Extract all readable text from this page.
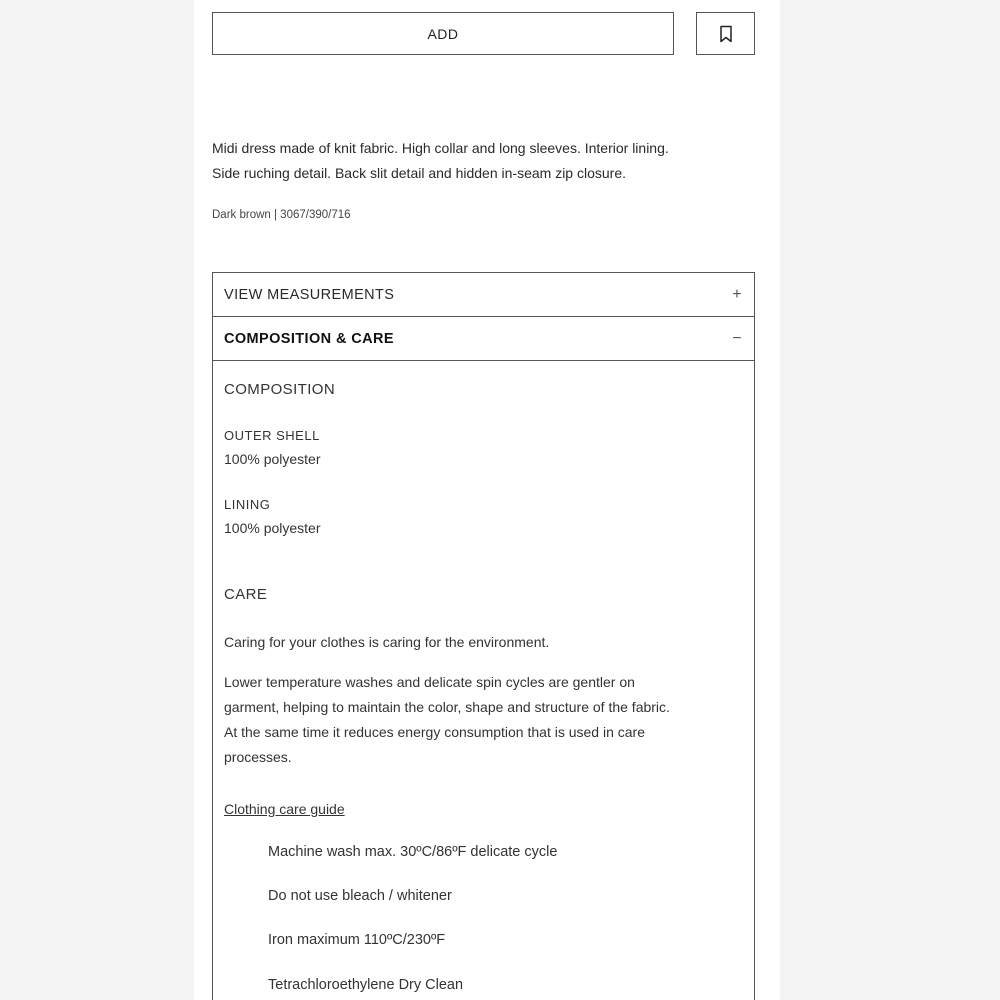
ADD
Midi dress made of knit fabric. High collar and long sleeves. Interior lining.
Side ruching detail. Back slit detail and hidden in-seam zip closure.

Dark brown | 3067/390/716

VIEW MEASUREMENTS	+
COMPOSITION & CARE	−

COMPOSITION

OUTER SHELL

100% polyester

LINING

100% polyester

CARE

Caring for your clothes is caring for the environment.

Lower temperature washes and delicate spin cycles are gentler on
garment, helping to maintain the color, shape and structure of the fabric.
At the same time it reduces energy consumption that is used in care
processes.
Clothing care guide

Machine wash max. 30ºC/86ºF delicate cycle

Do not use bleach / whitener

Iron maximum 110ºC/230ºF

Tetrachloroethylene Dry Clean
